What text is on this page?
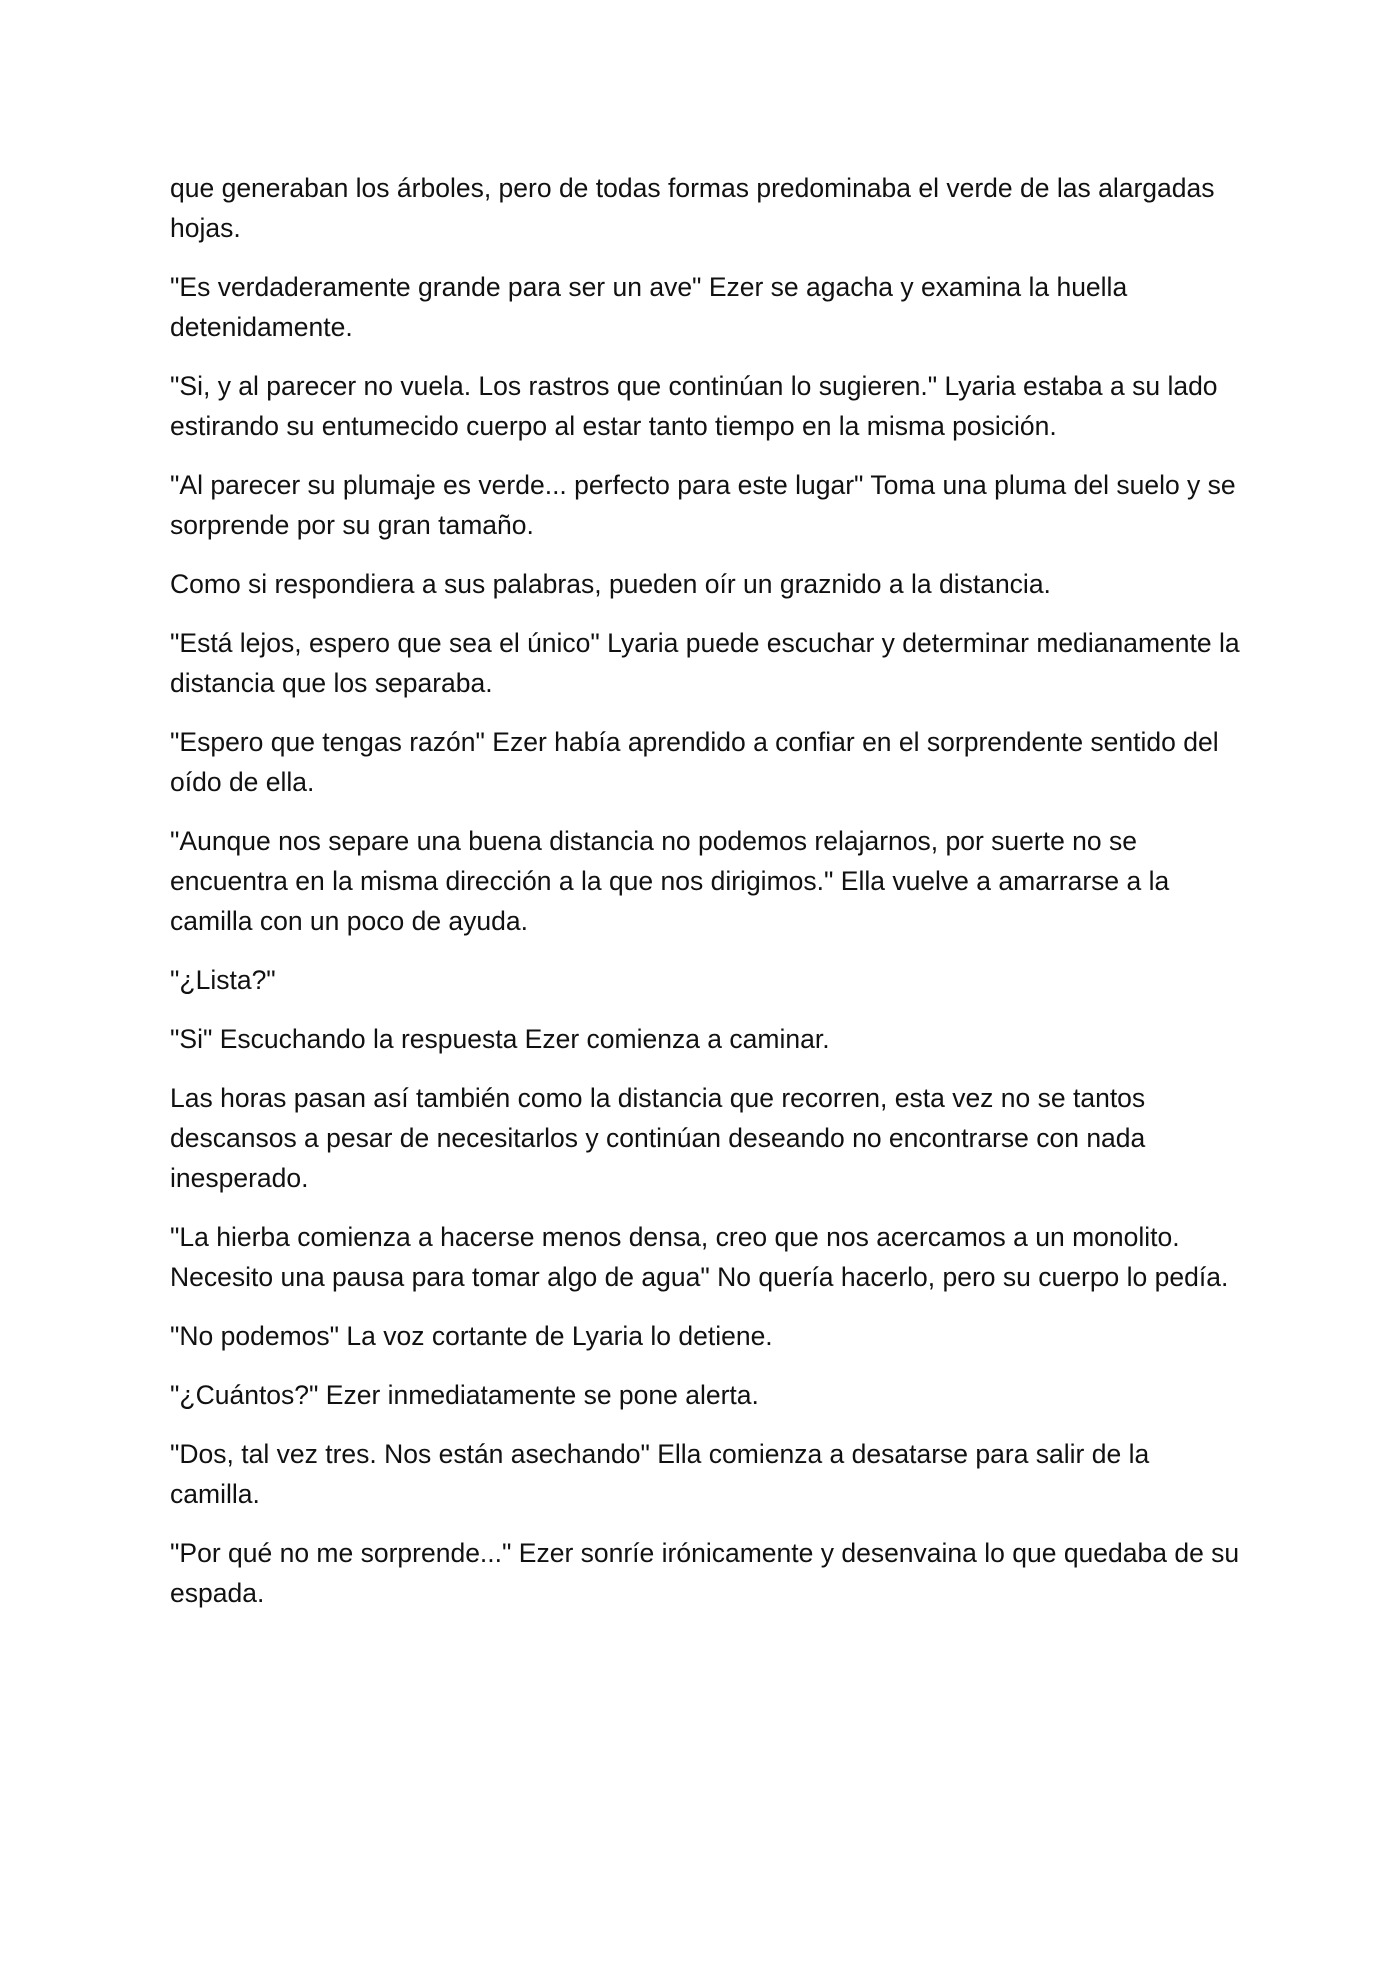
que generaban los árboles, pero de todas formas predominaba el verde de las alargadas hojas.

"Es verdaderamente grande para ser un ave" Ezer se agacha y examina la huella detenidamente.

"Si, y al parecer no vuela. Los rastros que continúan lo sugieren." Lyaria estaba a su lado estirando su entumecido cuerpo al estar tanto tiempo en la misma posición.

"Al parecer su plumaje es verde... perfecto para este lugar" Toma una pluma del suelo y se sorprende por su gran tamaño.

Como si respondiera a sus palabras, pueden oír un graznido a la distancia.

"Está lejos, espero que sea el único" Lyaria puede escuchar y determinar medianamente la distancia que los separaba.

"Espero que tengas razón" Ezer había aprendido a confiar en el sorprendente sentido del oído de ella.

"Aunque nos separe una buena distancia no podemos relajarnos, por suerte no se encuentra en la misma dirección a la que nos dirigimos." Ella vuelve a amarrarse a la camilla con un poco de ayuda.

"¿Lista?"

"Si" Escuchando la respuesta Ezer comienza a caminar.

Las horas pasan así también como la distancia que recorren, esta vez no se tantos descansos a pesar de necesitarlos y continúan deseando no encontrarse con nada inesperado.

"La hierba comienza a hacerse menos densa, creo que nos acercamos a un monolito. Necesito una pausa para tomar algo de agua" No quería hacerlo, pero su cuerpo lo pedía.

"No podemos" La voz cortante de Lyaria lo detiene.

"¿Cuántos?" Ezer inmediatamente se pone alerta.

"Dos, tal vez tres. Nos están asechando" Ella comienza a desatarse para salir de la camilla.

"Por qué no me sorprende..." Ezer sonríe irónicamente y desenvaina lo que quedaba de su espada.
